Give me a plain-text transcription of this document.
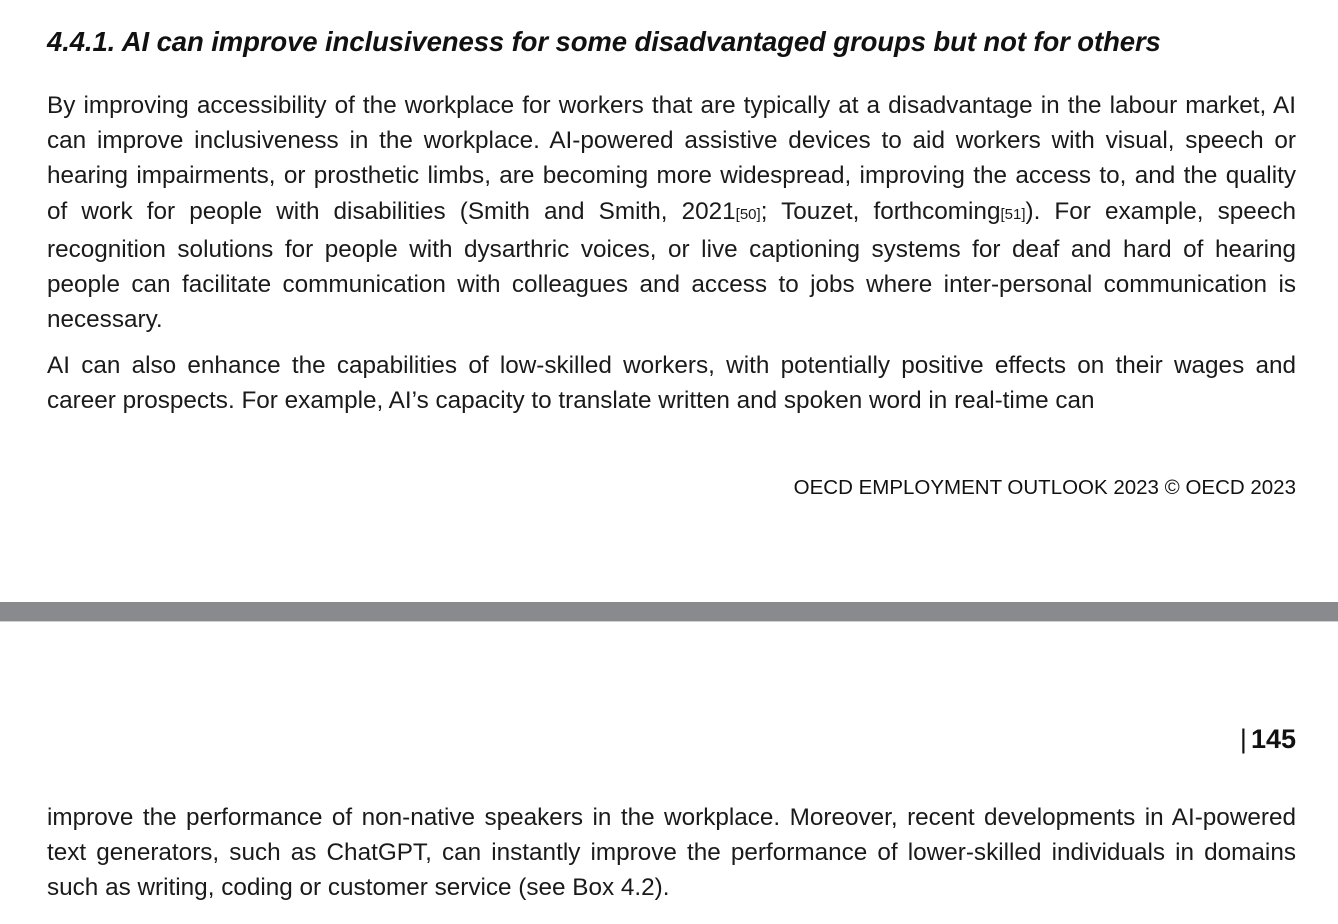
4.4.1. AI can improve inclusiveness for some disadvantaged groups but not for others

By improving accessibility of the workplace for workers that are typically at a disadvantage in the labour market, AI can improve inclusiveness in the workplace. AI-powered assistive devices to aid workers with visual, speech or hearing impairments, or prosthetic limbs, are becoming more widespread, improving the access to, and the quality of work for people with disabilities (Smith and Smith, 2021[50]; Touzet, forthcoming[51]). For example, speech recognition solutions for people with dysarthric voices, or live captioning systems for deaf and hard of hearing people can facilitate communication with colleagues and access to jobs where inter-personal communication is necessary.

AI can also enhance the capabilities of low-skilled workers, with potentially positive effects on their wages and career prospects. For example, AI’s capacity to translate written and spoken word in real-time can

OECD EMPLOYMENT OUTLOOK 2023 © OECD 2023
| 145

improve the performance of non-native speakers in the workplace. Moreover, recent developments in AI-powered text generators, such as ChatGPT, can instantly improve the performance of lower-skilled individuals in domains such as writing, coding or customer service (see Box 4.2).
